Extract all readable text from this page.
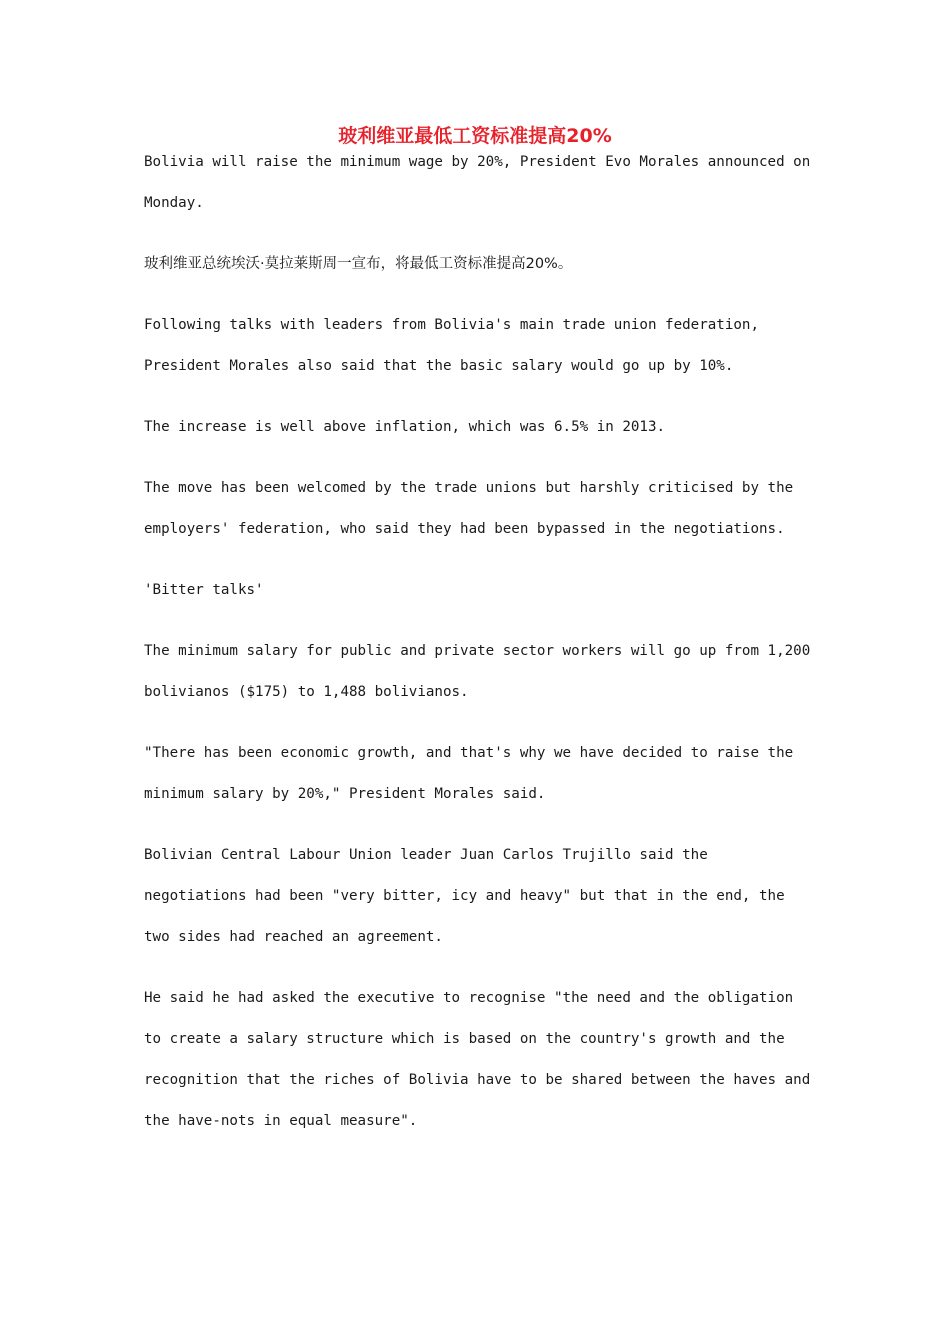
玻利维亚最低工资标准提高20%
Bolivia will raise the minimum wage by 20%, President Evo Morales announced on
Monday.
玻利维亚总统埃沃·莫拉莱斯周一宣布，将最低工资标准提高20%。
Following talks with leaders from Bolivia's main trade union federation,
President Morales also said that the basic salary would go up by 10%.
The increase is well above inflation, which was 6.5% in 2013.
The move has been welcomed by the trade unions but harshly criticised by the
employers' federation, who said they had been bypassed in the negotiations.
'Bitter talks'
The minimum salary for public and private sector workers will go up from 1,200
bolivianos ($175) to 1,488 bolivianos.
"There has been economic growth, and that's why we have decided to raise the
minimum salary by 20%," President Morales said.
Bolivian Central Labour Union leader Juan Carlos Trujillo said the
negotiations had been "very bitter, icy and heavy" but that in the end, the
two sides had reached an agreement.
He said he had asked the executive to recognise "the need and the obligation
to create a salary structure which is based on the country's growth and the
recognition that the riches of Bolivia have to be shared between the haves and
the have-nots in equal measure".
